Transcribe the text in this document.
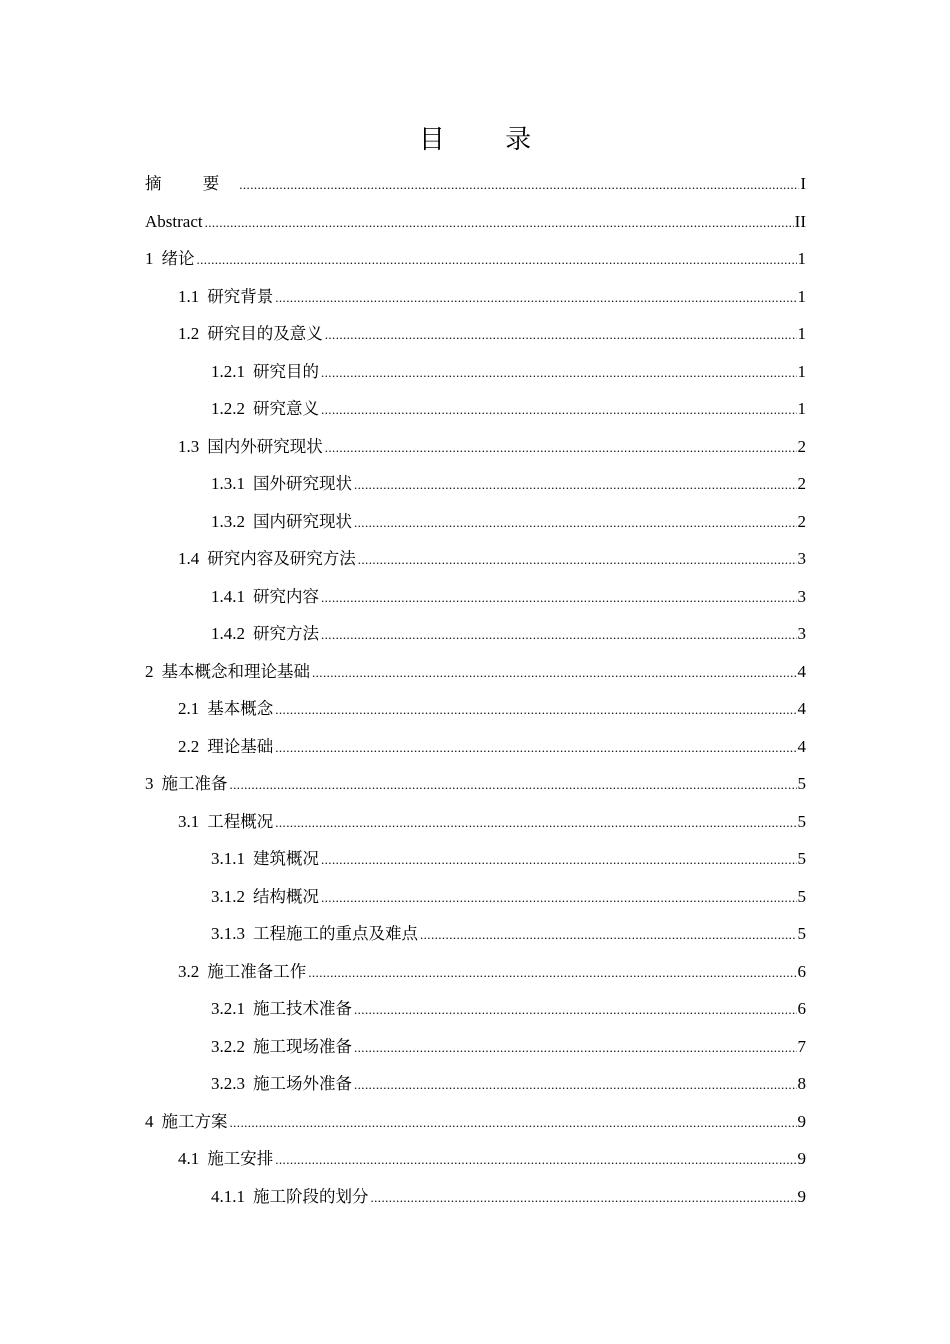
目 录
摘 要 .....	I
Abstract .....	II
1 绪论 .....	1
1.1 研究背景 .....	1
1.2 研究目的及意义 .....	1
1.2.1 研究目的 .....	1
1.2.2 研究意义 .....	1
1.3 国内外研究现状 .....	2
1.3.1 国外研究现状 .....	2
1.3.2 国内研究现状 .....	2
1.4 研究内容及研究方法 .....	3
1.4.1 研究内容 .....	3
1.4.2 研究方法 .....	3
2 基本概念和理论基础 .....	4
2.1 基本概念 .....	4
2.2 理论基础 .....	4
3 施工准备 .....	5
3.1 工程概况 .....	5
3.1.1 建筑概况 .....	5
3.1.2 结构概况 .....	5
3.1.3 工程施工的重点及难点 .....	5
3.2 施工准备工作 .....	6
3.2.1 施工技术准备 .....	6
3.2.2 施工现场准备 .....	7
3.2.3 施工场外准备 .....	8
4 施工方案 .....	9
4.1 施工安排 .....	9
4.1.1 施工阶段的划分 .....	9
